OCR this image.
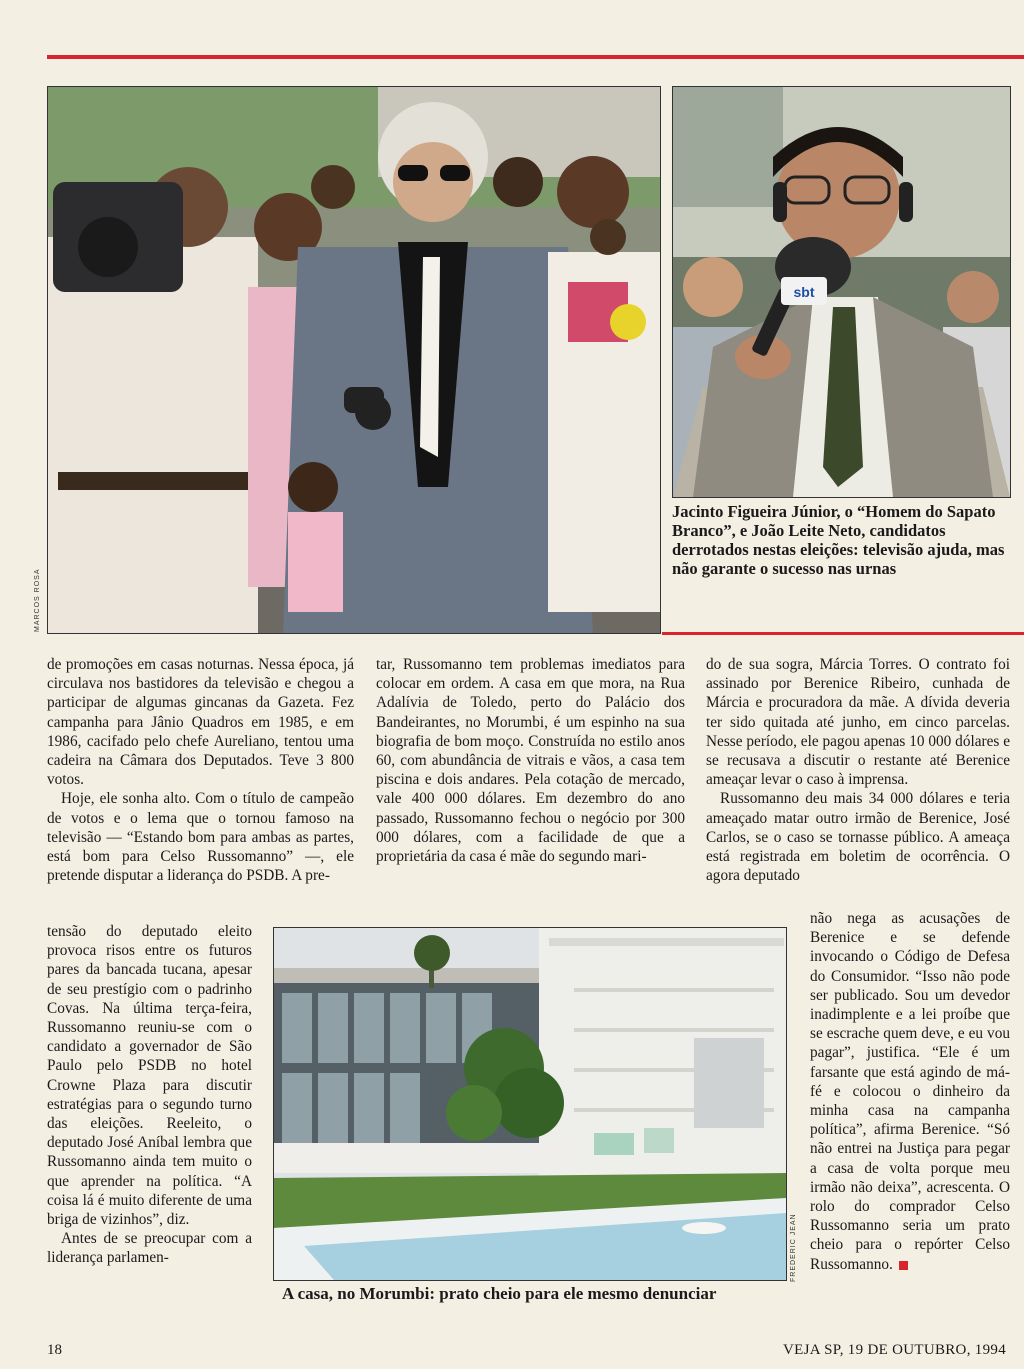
MARCOS ROSA
sbt
EGBERTO NOGUEIRA
Jacinto Figueira Júnior, o “Homem do Sapato Branco”, e João Leite Neto, candidatos derrotados nestas eleições: televisão ajuda, mas não garante o sucesso nas urnas

de promoções em casas noturnas. Nessa época, já circulava nos bastidores da televisão e chegou a participar de algumas gincanas da Gazeta. Fez campanha para Jânio Quadros em 1985, e em 1986, cacifado pelo chefe Aureliano, tentou uma cadeira na Câmara dos Deputados. Teve 3 800 votos.

Hoje, ele sonha alto. Com o título de campeão de votos e o lema que o tornou famoso na televisão — “Estando bom para ambas as partes, está bom para Celso Russomanno” —, ele pretende disputar a liderança do PSDB. A pre-

tensão do deputado eleito provoca risos entre os futuros pares da bancada tucana, apesar de seu prestígio com o padrinho Covas. Na última terça-feira, Russomanno reuniu-se com o candidato a governador de São Paulo pelo PSDB no hotel Crowne Plaza para discutir estratégias para o segundo turno das eleições. Reeleito, o deputado José Aníbal lembra que Russomanno ainda tem muito o que aprender na política. “A coisa lá é muito diferente de uma briga de vizinhos”, diz.

Antes de se preocupar com a liderança parlamen-

tar, Russomanno tem problemas imediatos para colocar em ordem. A casa em que mora, na Rua Adalívia de Toledo, perto do Palácio dos Bandeirantes, no Morumbi, é um espinho na sua biografia de bom moço. Construída no estilo anos 60, com abundância de vitrais e vãos, a casa tem piscina e dois andares. Pela cotação de mercado, vale 400 000 dólares. Em dezembro do ano passado, Russomanno fechou o negócio por 300 000 dólares, com a facilidade de que a proprietária da casa é mãe do segundo mari-

do de sua sogra, Márcia Torres. O contrato foi assinado por Berenice Ribeiro, cunhada de Márcia e procuradora da mãe. A dívida deveria ter sido quitada até junho, em cinco parcelas. Nesse período, ele pagou apenas 10 000 dólares e se recusava a discutir o restante até Berenice ameaçar levar o caso à imprensa.

Russomanno deu mais 34 000 dólares e teria ameaçado matar outro irmão de Berenice, José Carlos, se o caso se tornasse público. A ameaça está registrada em boletim de ocorrência. O agora deputado

não nega as acusações de Berenice e se defende invocando o Código de Defesa do Consumidor. “Isso não pode ser publicado. Sou um devedor inadimplente e a lei proíbe que se escrache quem deve, e eu vou pagar”, justifica. “Ele é um farsante que está agindo de má-fé e colocou o dinheiro da minha casa na campanha política”, afirma Berenice. “Só não entrei na Justiça para pegar a casa de volta porque meu irmão não deixa”, acrescenta. O rolo do comprador Celso Russomanno seria um prato cheio para o repórter Celso Russomanno.

FREDERIC JEAN
A casa, no Morumbi: prato cheio para ele mesmo denunciar
18	VEJA SP, 19 DE OUTUBRO, 1994
